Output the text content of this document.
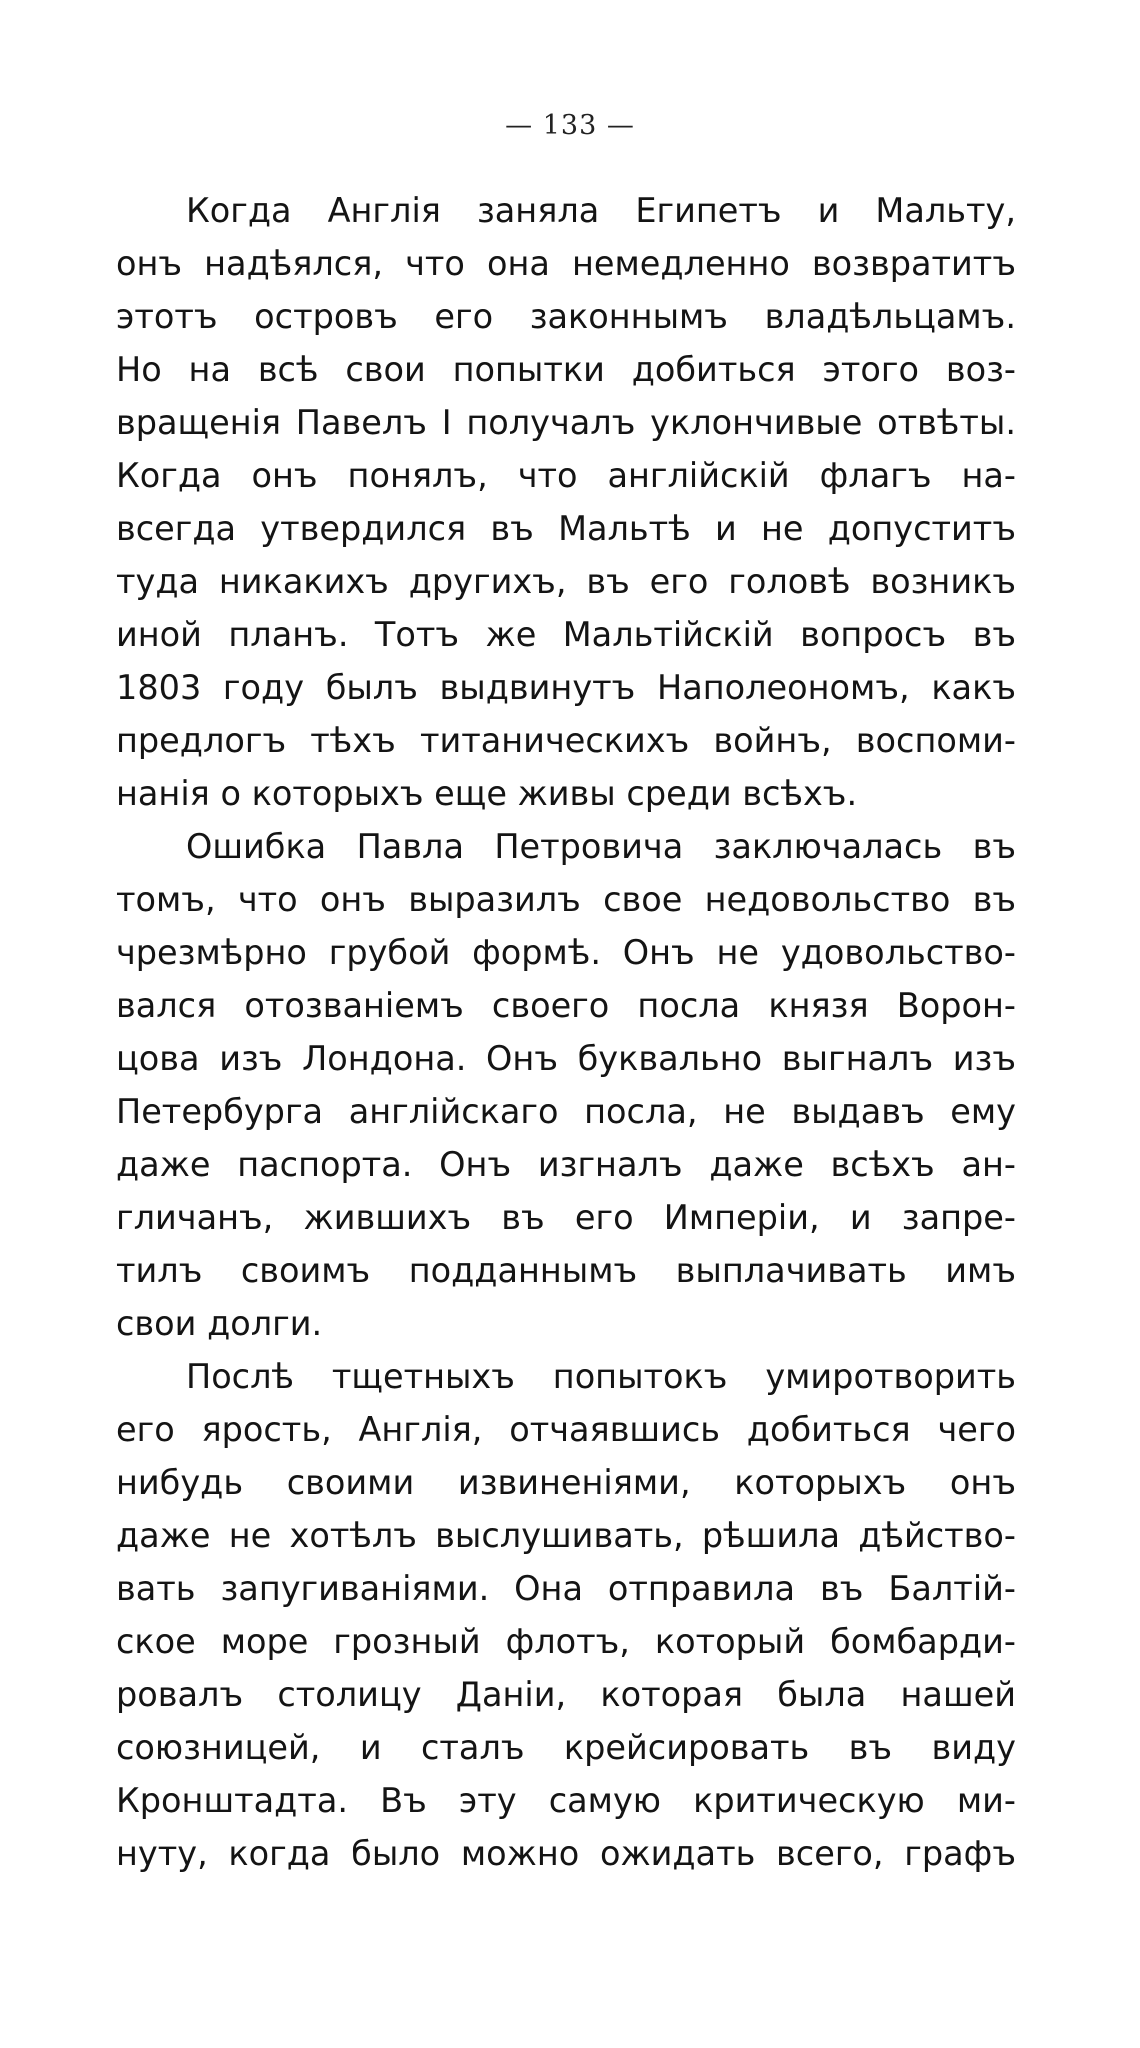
— 133 —
Когда Англія заняла Египетъ и Мальту,
онъ надѣялся, что она немедленно возвратитъ
этотъ островъ его законнымъ владѣльцамъ.
Но на всѣ свои попытки добиться этого воз-
вращенія Павелъ I получалъ уклончивые отвѣты.
Когда онъ понялъ, что англійскій флагъ на-
всегда утвердился въ Мальтѣ и не допуститъ
туда никакихъ другихъ, въ его головѣ возникъ
иной планъ. Тотъ же Мальтійскій вопросъ въ
1803 году былъ выдвинутъ Наполеономъ, какъ
предлогъ тѣхъ титаническихъ войнъ, воспоми-
нанія о которыхъ еще живы среди всѣхъ.
Ошибка Павла Петровича заключалась въ
томъ, что онъ выразилъ свое недовольство въ
чрезмѣрно грубой формѣ. Онъ не удовольство-
вался отозваніемъ своего посла князя Ворон-
цова изъ Лондона. Онъ буквально выгналъ изъ
Петербурга англійскаго посла, не выдавъ ему
даже паспорта. Онъ изгналъ даже всѣхъ ан-
гличанъ, жившихъ въ его Имперіи, и запре-
тилъ своимъ подданнымъ выплачивать имъ
свои долги.
Послѣ тщетныхъ попытокъ умиротворить
его ярость, Англія, отчаявшись добиться чего
нибудь своими извиненіями, которыхъ онъ
даже не хотѣлъ выслушивать, рѣшила дѣйство-
вать запугиваніями. Она отправила въ Балтій-
ское море грозный флотъ, который бомбарди-
ровалъ столицу Даніи, которая была нашей
союзницей, и сталъ крейсировать въ виду
Кронштадта. Въ эту самую критическую ми-
нуту, когда было можно ожидать всего, графъ
